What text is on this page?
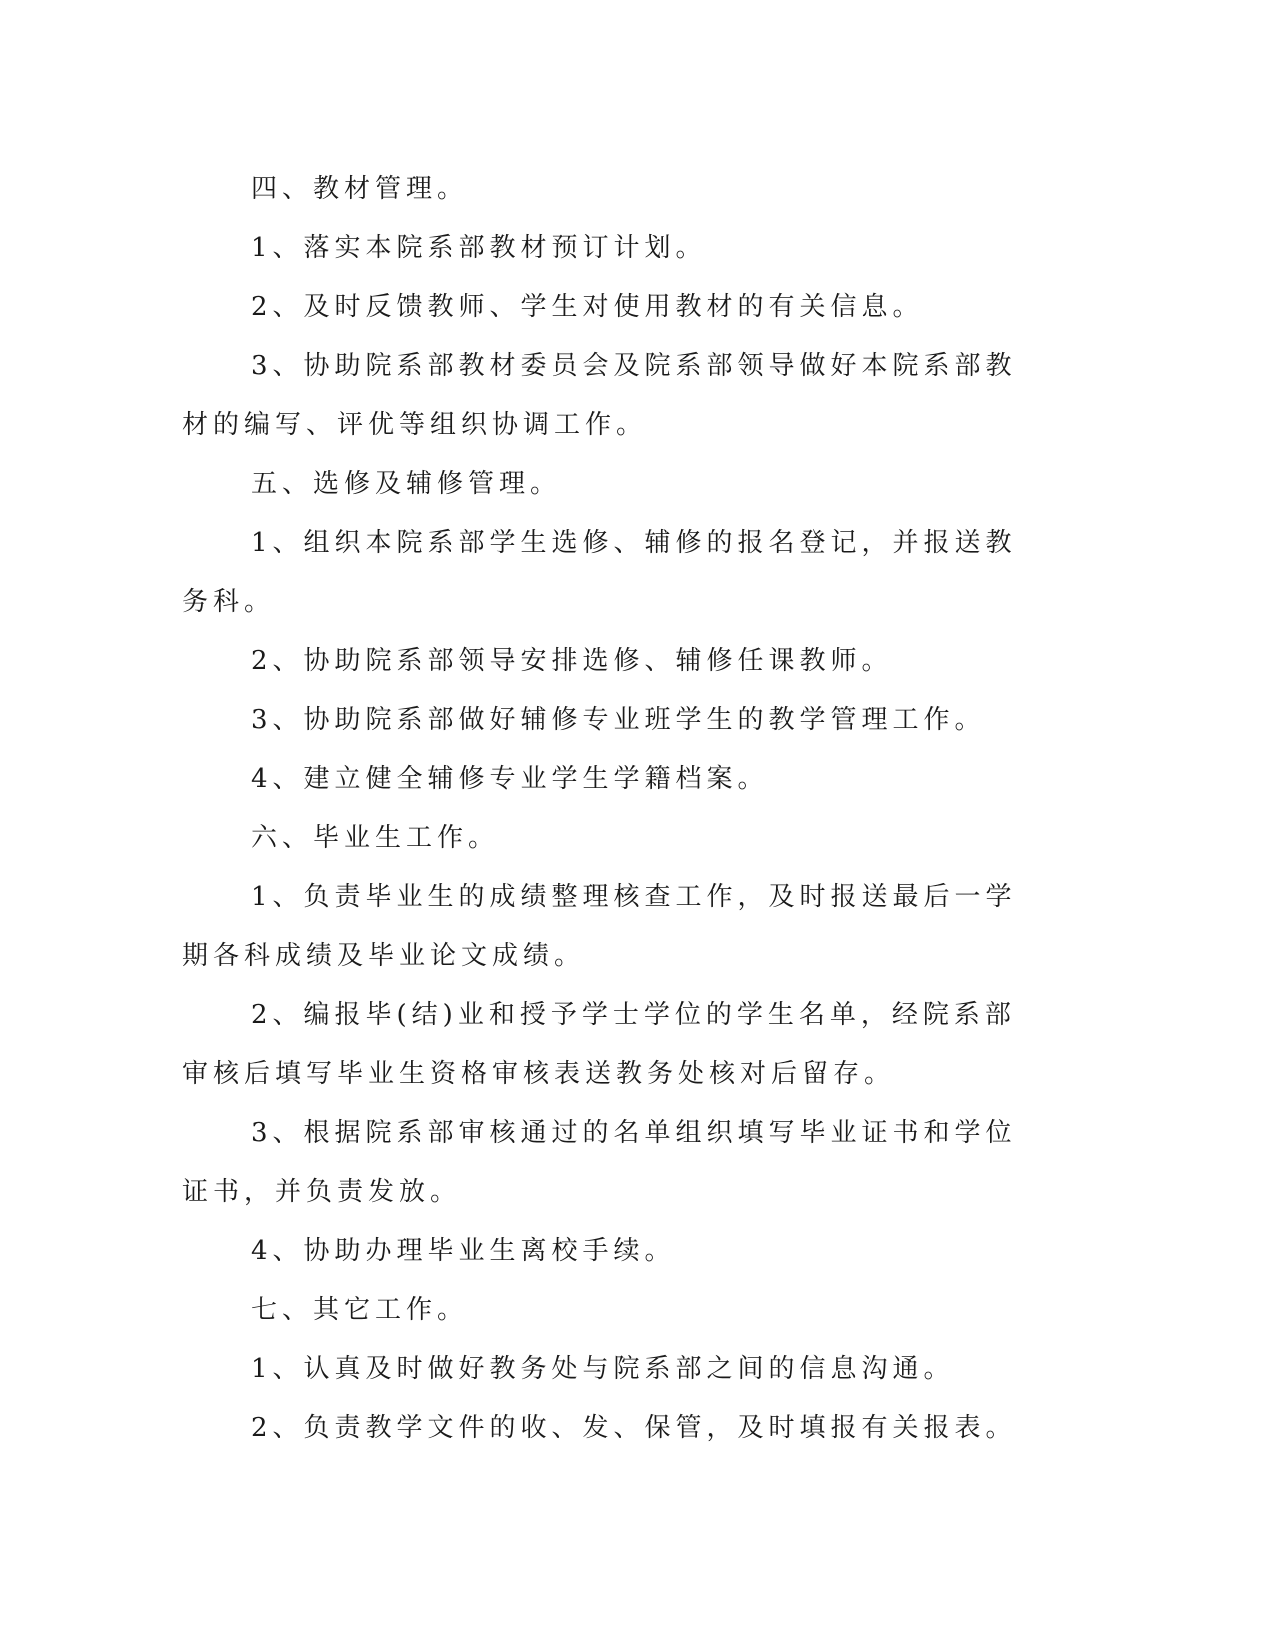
四、教材管理。

1、落实本院系部教材预订计划。

2、及时反馈教师、学生对使用教材的有关信息。

3、协助院系部教材委员会及院系部领导做好本院系部教材的编写、评优等组织协调工作。

五、选修及辅修管理。

1、组织本院系部学生选修、辅修的报名登记，并报送教务科。

2、协助院系部领导安排选修、辅修任课教师。

3、协助院系部做好辅修专业班学生的教学管理工作。

4、建立健全辅修专业学生学籍档案。

六、毕业生工作。

1、负责毕业生的成绩整理核查工作，及时报送最后一学期各科成绩及毕业论文成绩。

2、编报毕(结)业和授予学士学位的学生名单，经院系部审核后填写毕业生资格审核表送教务处核对后留存。

3、根据院系部审核通过的名单组织填写毕业证书和学位证书，并负责发放。

4、协助办理毕业生离校手续。

七、其它工作。

1、认真及时做好教务处与院系部之间的信息沟通。

2、负责教学文件的收、发、保管，及时填报有关报表。
